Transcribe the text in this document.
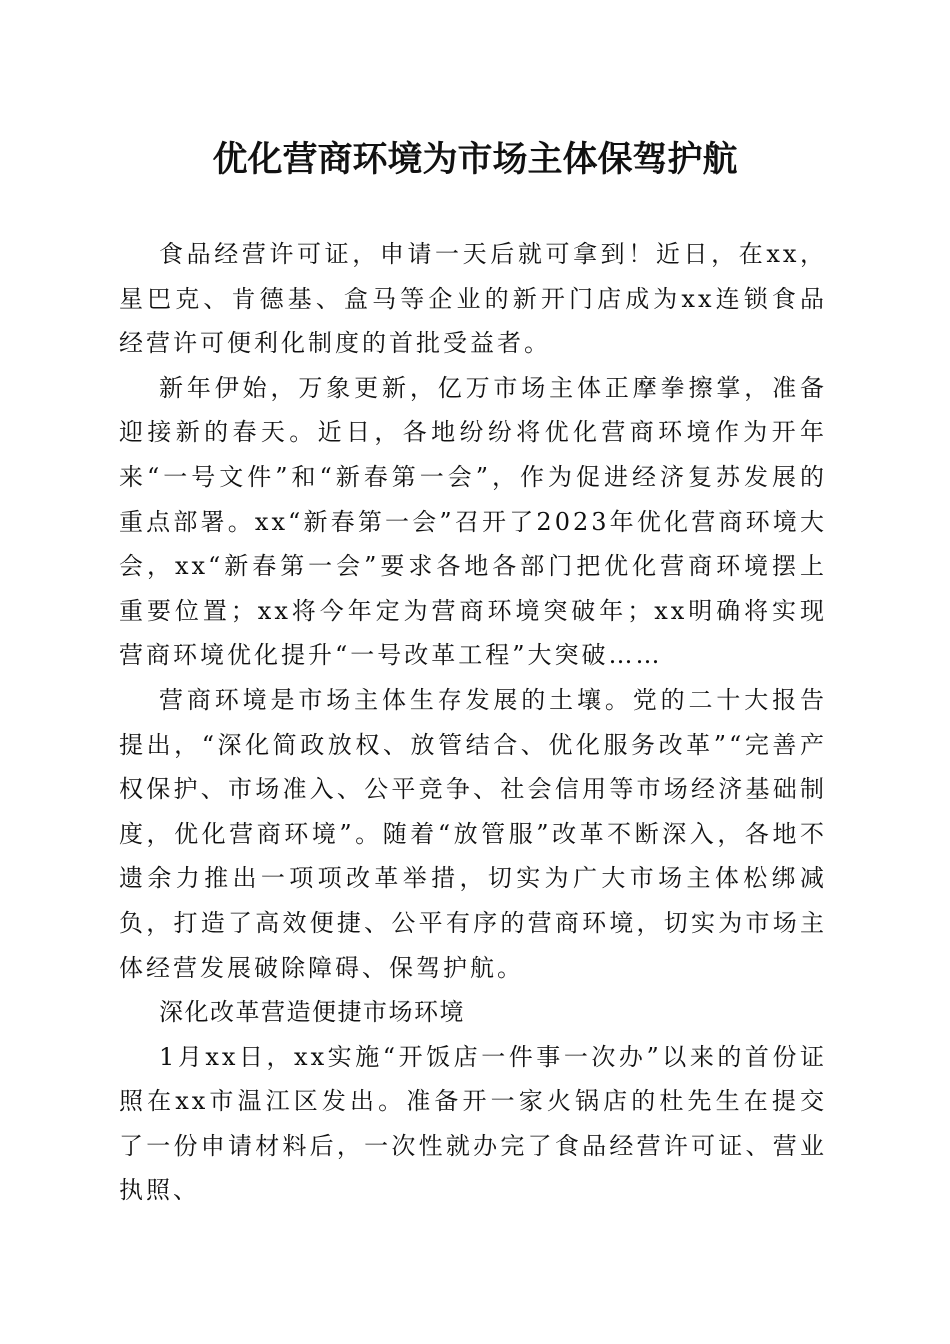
优化营商环境为市场主体保驾护航

食品经营许可证，申请一天后就可拿到！近日，在xx，星巴克、肯德基、盒马等企业的新开门店成为xx连锁食品经营许可便利化制度的首批受益者。

新年伊始，万象更新，亿万市场主体正摩拳擦掌，准备迎接新的春天。近日，各地纷纷将优化营商环境作为开年来“一号文件”和“新春第一会”，作为促进经济复苏发展的重点部署。xx“新春第一会”召开了2023年优化营商环境大会，xx“新春第一会”要求各地各部门把优化营商环境摆上重要位置；xx将今年定为营商环境突破年；xx明确将实现营商环境优化提升“一号改革工程”大突破……

营商环境是市场主体生存发展的土壤。党的二十大报告提出，“深化简政放权、放管结合、优化服务改革”“完善产权保护、市场准入、公平竞争、社会信用等市场经济基础制度，优化营商环境”。随着“放管服”改革不断深入，各地不遗余力推出一项项改革举措，切实为广大市场主体松绑减负，打造了高效便捷、公平有序的营商环境，切实为市场主体经营发展破除障碍、保驾护航。

深化改革营造便捷市场环境

1月xx日，xx实施“开饭店一件事一次办”以来的首份证照在xx市温江区发出。准备开一家火锅店的杜先生在提交了一份申请材料后，一次性就办完了食品经营许可证、营业执照、
